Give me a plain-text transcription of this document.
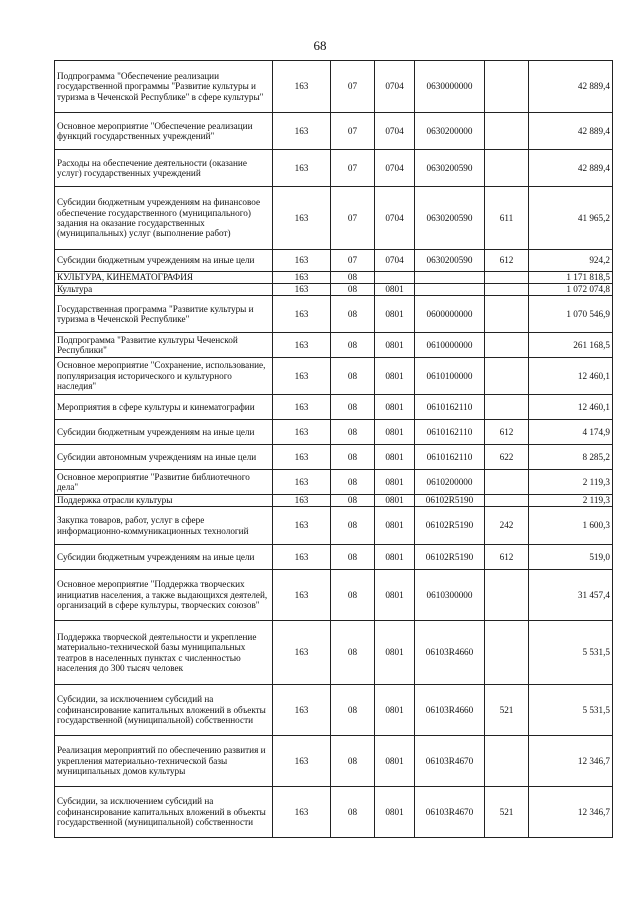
68
Подпрограмма "Обеспечение реализации государственной программы "Развитие культуры и туризма в Чеченской Республике" в сфере культуры"	163	07	0704	0630000000		42 889,4
Основное мероприятие "Обеспечение реализации функций государственных учреждений"	163	07	0704	0630200000		42 889,4
Расходы на обеспечение деятельности (оказание услуг) государственных учреждений	163	07	0704	0630200590		42 889,4
Субсидии бюджетным учреждениям на финансовое обеспечение государственного (муниципального) задания на оказание государственных (муниципальных) услуг (выполнение работ)	163	07	0704	0630200590	611	41 965,2
Субсидии бюджетным учреждениям на иные цели	163	07	0704	0630200590	612	924,2
КУЛЬТУРА, КИНЕМАТОГРАФИЯ	163	08				1 171 818,5
Культура	163	08	0801			1 072 074,8
Государственная программа "Развитие культуры и туризма в Чеченской Республике"	163	08	0801	0600000000		1 070 546,9
Подпрограмма "Развитие культуры Чеченской Республики"	163	08	0801	0610000000		261 168,5
Основное мероприятие "Сохранение, использование, популяризация исторического и культурного наследия"	163	08	0801	0610100000		12 460,1
Мероприятия в сфере культуры и кинематографии	163	08	0801	0610162110		12 460,1
Субсидии бюджетным учреждениям на иные цели	163	08	0801	0610162110	612	4 174,9
Субсидии автономным учреждениям на иные цели	163	08	0801	0610162110	622	8 285,2
Основное мероприятие "Развитие библиотечного дела"	163	08	0801	0610200000		2 119,3
Поддержка отрасли культуры	163	08	0801	06102R5190		2 119,3
Закупка товаров, работ, услуг в сфере информационно-коммуникационных технологий	163	08	0801	06102R5190	242	1 600,3
Субсидии бюджетным учреждениям на иные цели	163	08	0801	06102R5190	612	519,0
Основное мероприятие "Поддержка творческих инициатив населения, а также выдающихся деятелей, организаций в сфере культуры, творческих союзов"	163	08	0801	0610300000		31 457,4
Поддержка творческой деятельности и укрепление материально-технической базы муниципальных театров в населенных пунктах с численностью населения до 300 тысяч человек	163	08	0801	06103R4660		5 531,5
Субсидии, за исключением субсидий на софинансирование капитальных вложений в объекты государственной (муниципальной) собственности	163	08	0801	06103R4660	521	5 531,5
Реализация мероприятий по обеспечению развития и укрепления материально-технической базы муниципальных домов культуры	163	08	0801	06103R4670		12 346,7
Субсидии, за исключением субсидий на софинансирование капитальных вложений в объекты государственной (муниципальной) собственности	163	08	0801	06103R4670	521	12 346,7
